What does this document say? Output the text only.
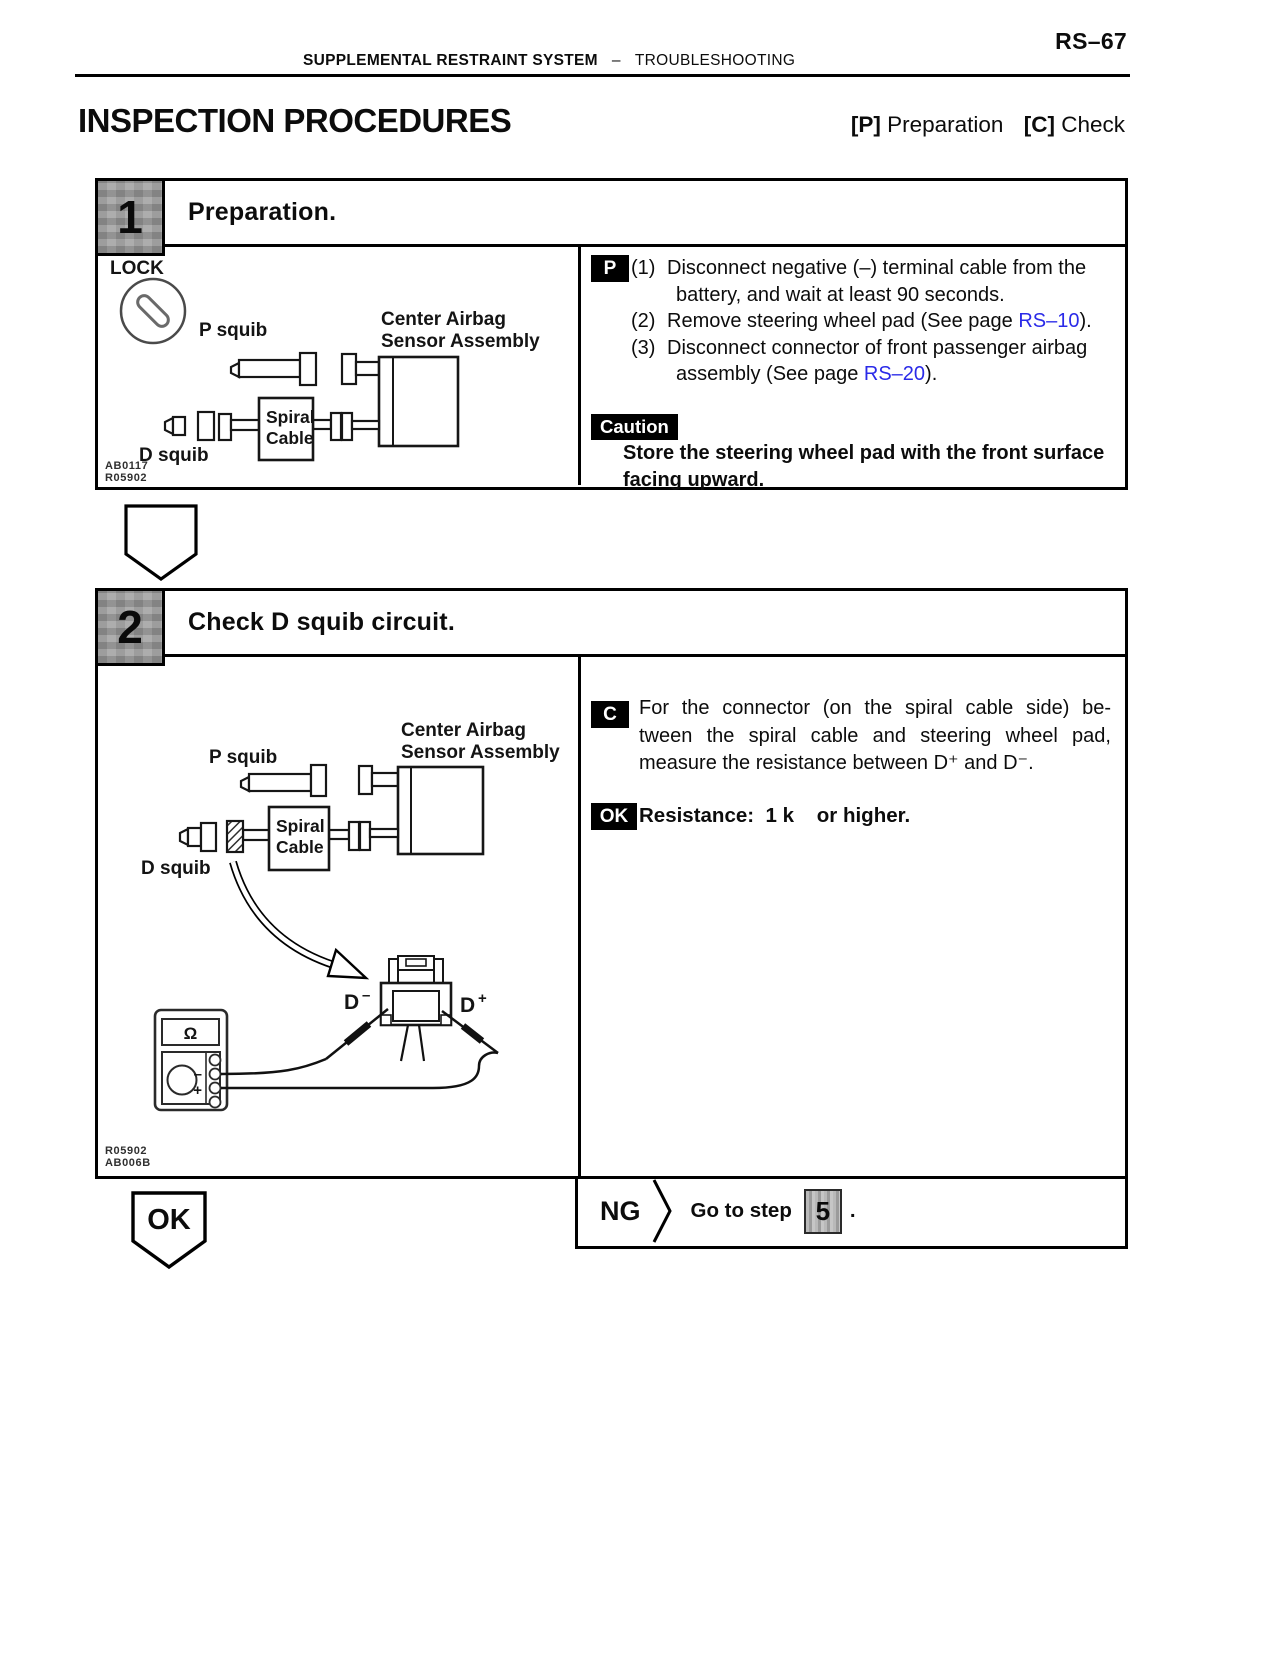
RS–67
SUPPLEMENTAL RESTRAINT SYSTEM – TROUBLESHOOTING
INSPECTION PROCEDURES	[P] Preparation [C] Check
1	Preparation.
LOCK
P squib
Center Airbag
Sensor Assembly
Spiral
Cable
D squib
AB0117
R05902
P (1) Disconnect negative (–) terminal cable from the
battery, and wait at least 90 seconds.
(2) Remove steering wheel pad (See page RS–10).
(3) Disconnect connector of front passenger airbag
assembly (See page RS–20).
Caution
Store the steering wheel pad with the front surface
facing upward.
2	Check D squib circuit.
P squib
Center Airbag
Sensor Assembly
Spiral
Cable
D squib
D –	D +
Ω
–
+
R05902
AB006B
C	For the connector (on the spiral cable side) be-
tween the spiral cable and steering wheel pad,
measure the resistance between D⁺ and D⁻.
OK Resistance:  1 k    or higher.
NG Go to step 5 .
OK
